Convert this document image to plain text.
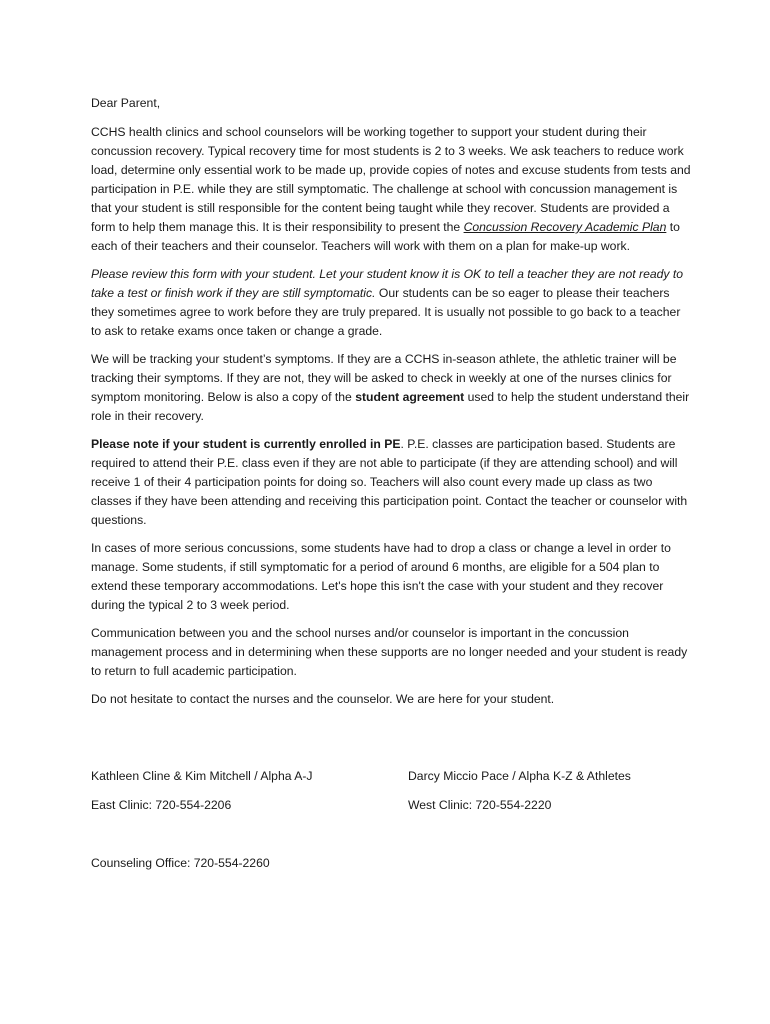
Dear Parent,

CCHS health clinics and school counselors will be working together to support your student during their concussion recovery. Typical recovery time for most students is 2 to 3 weeks. We ask teachers to reduce work load, determine only essential work to be made up, provide copies of notes and excuse students from tests and participation in P.E. while they are still symptomatic. The challenge at school with concussion management is that your student is still responsible for the content being taught while they recover. Students are provided a form to help them manage this. It is their responsibility to present the Concussion Recovery Academic Plan to each of their teachers and their counselor. Teachers will work with them on a plan for make-up work.

Please review this form with your student. Let your student know it is OK to tell a teacher they are not ready to take a test or finish work if they are still symptomatic. Our students can be so eager to please their teachers they sometimes agree to work before they are truly prepared. It is usually not possible to go back to a teacher to ask to retake exams once taken or change a grade.

We will be tracking your student’s symptoms. If they are a CCHS in-season athlete, the athletic trainer will be tracking their symptoms. If they are not, they will be asked to check in weekly at one of the nurses clinics for symptom monitoring. Below is also a copy of the student agreement used to help the student understand their role in their recovery.

Please note if your student is currently enrolled in PE. P.E. classes are participation based. Students are required to attend their P.E. class even if they are not able to participate (if they are attending school) and will receive 1 of their 4 participation points for doing so. Teachers will also count every made up class as two classes if they have been attending and receiving this participation point. Contact the teacher or counselor with questions.

In cases of more serious concussions, some students have had to drop a class or change a level in order to manage. Some students, if still symptomatic for a period of around 6 months, are eligible for a 504 plan to extend these temporary accommodations. Let's hope this isn't the case with your student and they recover during the typical 2 to 3 week period.

Communication between you and the school nurses and/or counselor is important in the concussion management process and in determining when these supports are no longer needed and your student is ready to return to full academic participation.

Do not hesitate to contact the nurses and the counselor. We are here for your student.

Kathleen Cline & Kim Mitchell / Alpha A-J	Darcy Miccio Pace / Alpha K-Z & Athletes
East Clinic: 720-554-2206	West Clinic: 720-554-2220
Counseling Office: 720-554-2260
